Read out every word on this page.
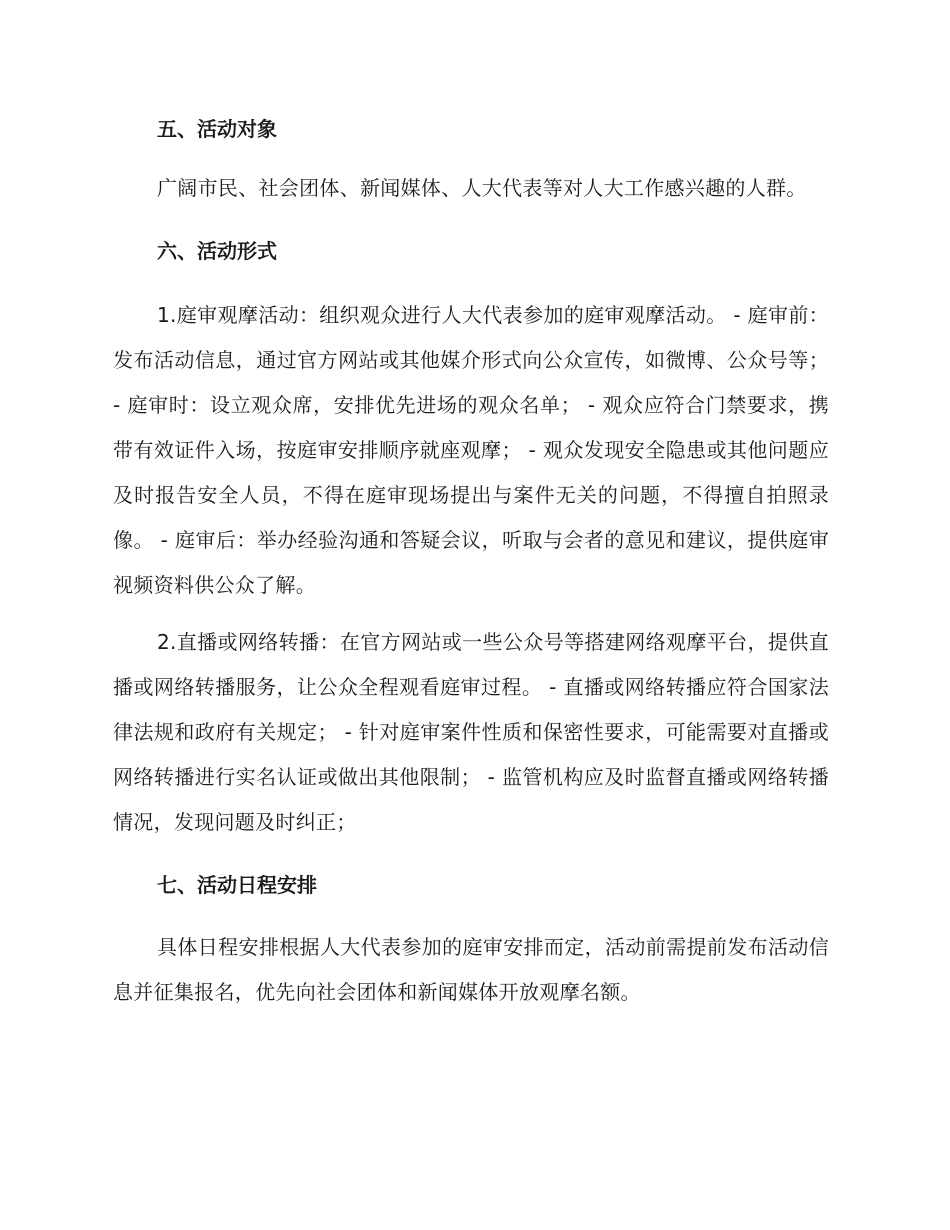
五、活动对象

广阔市民、社会团体、新闻媒体、人大代表等对人大工作感兴趣的人群。

六、活动形式

1.庭审观摩活动：组织观众进行人大代表参加的庭审观摩活动。 - 庭审前：发布活动信息，通过官方网站或其他媒介形式向公众宣传，如微博、公众号等； - 庭审时：设立观众席，安排优先进场的观众名单； - 观众应符合门禁要求，携带有效证件入场，按庭审安排顺序就座观摩； - 观众发现安全隐患或其他问题应及时报告安全人员，不得在庭审现场提出与案件无关的问题，不得擅自拍照录像。 - 庭审后：举办经验沟通和答疑会议，听取与会者的意见和建议，提供庭审视频资料供公众了解。

2.直播或网络转播：在官方网站或一些公众号等搭建网络观摩平台，提供直播或网络转播服务，让公众全程观看庭审过程。 - 直播或网络转播应符合国家法律法规和政府有关规定； - 针对庭审案件性质和保密性要求，可能需要对直播或网络转播进行实名认证或做出其他限制； - 监管机构应及时监督直播或网络转播情况，发现问题及时纠正；

七、活动日程安排

具体日程安排根据人大代表参加的庭审安排而定，活动前需提前发布活动信息并征集报名，优先向社会团体和新闻媒体开放观摩名额。
